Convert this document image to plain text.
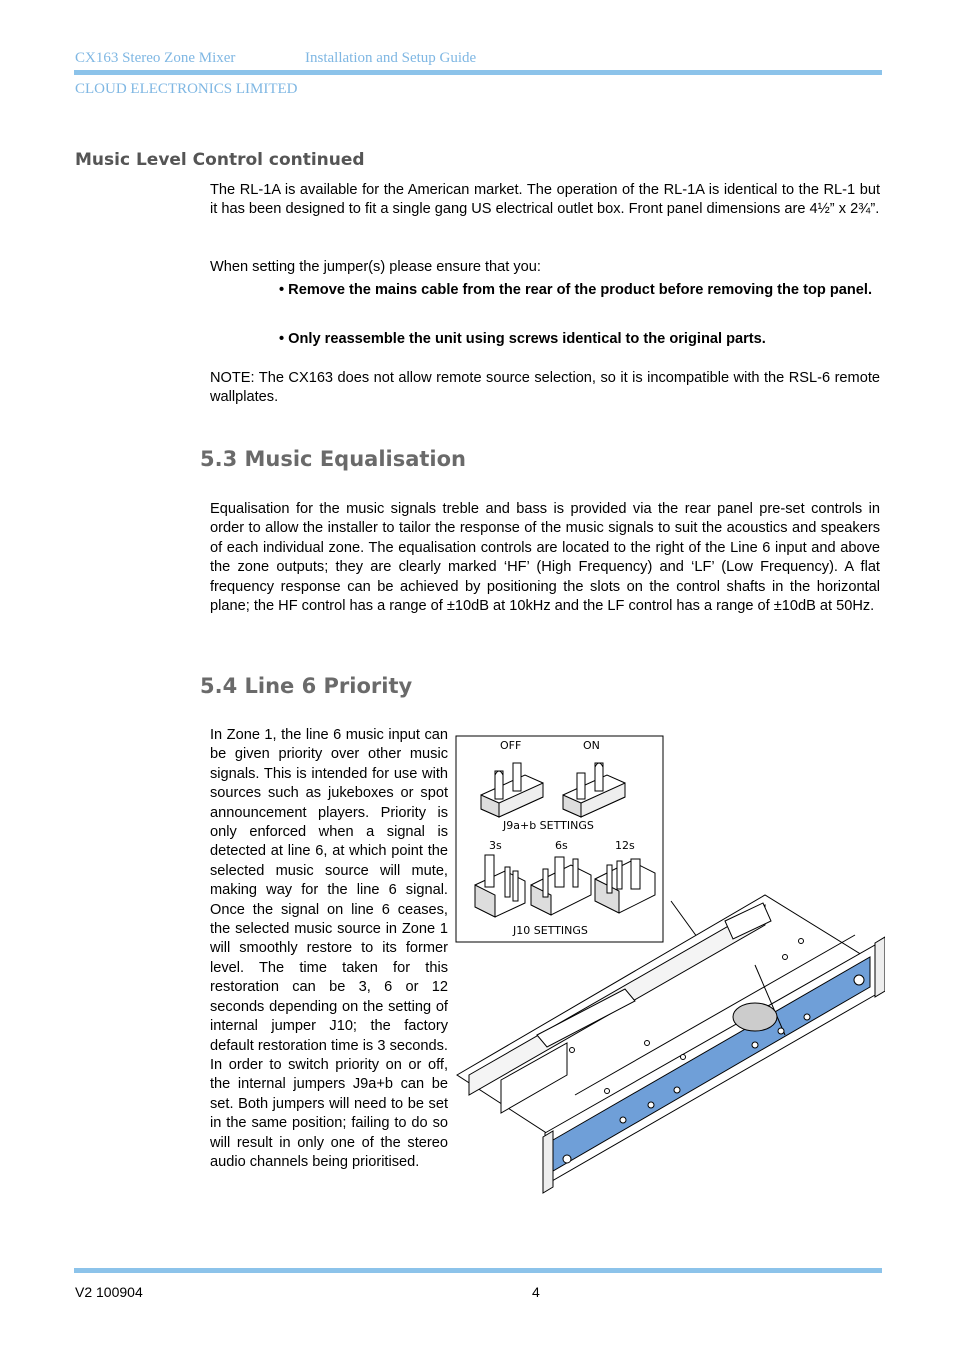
CX163 Stereo Zone Mixer	Installation and Setup Guide
CLOUD ELECTRONICS LIMITED
Music Level Control continued

The RL-1A is available for the American market. The operation of the RL-1A is identical to the RL-1 but it has been designed to fit a single gang US electrical outlet box. Front panel dimensions are 4½” x 2¾”.

When setting the jumper(s) please ensure that you:

• Remove the mains cable from the rear of the product before removing the top panel.

• Only reassemble the unit using screws identical to the original parts.

NOTE: The CX163 does not allow remote source selection, so it is incompatible with the RSL-6 remote wallplates.

5.3 Music Equalisation

Equalisation for the music signals treble and bass is provided via the rear panel pre-set controls in order to allow the installer to tailor the response of the music signals to suit the acoustics and speakers of each individual zone. The equalisation controls are located to the right of the Line 6 input and above the zone outputs; they are clearly marked ‘HF’ (High Frequency) and ‘LF’ (Low Frequency). A flat frequency response can be achieved by positioning the slots on the control shafts in the horizontal plane; the HF control has a range of ±10dB at 10kHz and the LF control has a range of ±10dB at 50Hz.

5.4 Line 6 Priority

In Zone 1, the line 6 music input can be given priority over other music signals. This is intended for use with sources such as jukeboxes or spot announcement players. Priority is only enforced when a signal is detected at line 6, at which point the selected music source will mute, making way for the line 6 signal. Once the signal on line 6 ceases, the selected music source in Zone 1 will smoothly restore to its former level. The time taken for this restoration can be 3, 6 or 12 seconds depending on the setting of internal jumper J10; the factory default restoration time is 3 seconds. In order to switch priority on or off, the internal jumpers J9a+b can be set. Both jumpers will need to be set in the same position; failing to do so will result in only one of the stereo audio channels being prioritised.

OFF	ON
J9a+b SETTINGS
3s	6s	12s
J10 SETTINGS
V2 100904	4
